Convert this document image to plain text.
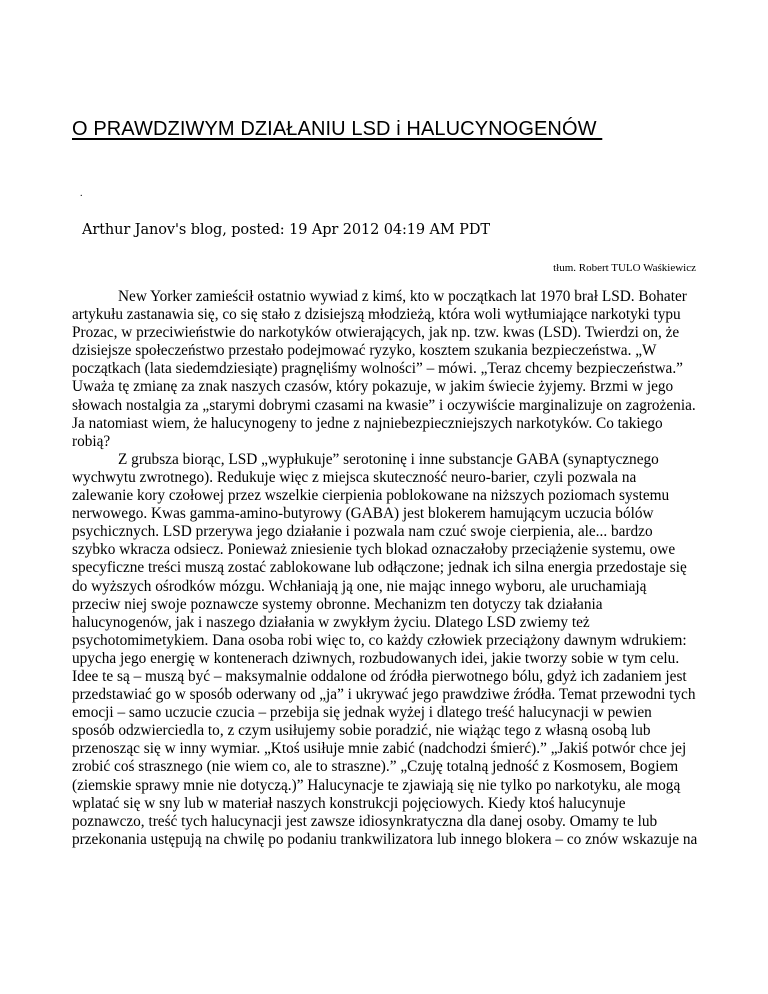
O PRAWDZIWYM DZIAŁANIU LSD i HALUCYNOGENÓW
.
Arthur Janov's blog, posted: 19 Apr 2012 04:19 AM PDT
tłum. Robert TULO Waśkiewicz

New Yorker zamieścił ostatnio wywiad z kimś, kto w początkach lat 1970 brał LSD. Bohater artykułu zastanawia się, co się stało z dzisiejszą młodzieżą, która woli wytłumiające narkotyki typu Prozac, w przeciwieństwie do narkotyków otwierających, jak np. tzw. kwas (LSD). Twierdzi on, że dzisiejsze społeczeństwo przestało podejmować ryzyko, kosztem szukania bezpieczeństwa. „W początkach (lata siedemdziesiąte) pragnęliśmy wolności” – mówi. „Teraz chcemy bezpieczeństwa.” Uważa tę zmianę za znak naszych czasów, który pokazuje, w jakim świecie żyjemy. Brzmi w jego słowach nostalgia za „starymi dobrymi czasami na kwasie” i oczywiście marginalizuje on zagrożenia. Ja natomiast wiem, że halucynogeny to jedne z najniebezpieczniejszych narkotyków. Co takiego robią?

Z grubsza biorąc, LSD „wypłukuje” serotoninę i inne substancje GABA (synaptycznego wychwytu zwrotnego). Redukuje więc z miejsca skuteczność neuro-barier, czyli pozwala na zalewanie kory czołowej przez wszelkie cierpienia poblokowane na niższych poziomach systemu nerwowego. Kwas gamma-amino-butyrowy (GABA) jest blokerem hamującym uczucia bólów psychicznych. LSD przerywa jego działanie i pozwala nam czuć swoje cierpienia, ale... bardzo szybko wkracza odsiecz. Ponieważ zniesienie tych blokad oznaczałoby przeciążenie systemu, owe specyficzne treści muszą zostać zablokowane lub odłączone; jednak ich silna energia przedostaje się do wyższych ośrodków mózgu. Wchłaniają ją one, nie mając innego wyboru, ale uruchamiają przeciw niej swoje poznawcze systemy obronne. Mechanizm ten dotyczy tak działania halucynogenów, jak i naszego działania w zwykłym życiu. Dlatego LSD zwiemy też psychotomimetykiem. Dana osoba robi więc to, co każdy człowiek przeciążony dawnym wdrukiem: upycha jego energię w kontenerach dziwnych, rozbudowanych idei, jakie tworzy sobie w tym celu. Idee te są – muszą być – maksymalnie oddalone od źródła pierwotnego bólu, gdyż ich zadaniem jest przedstawiać go w sposób oderwany od „ja” i ukrywać jego prawdziwe źródła. Temat przewodni tych emocji – samo uczucie czucia – przebija się jednak wyżej i dlatego treść halucynacji w pewien sposób odzwierciedla to, z czym usiłujemy sobie poradzić, nie wiążąc tego z własną osobą lub przenosząc się w inny wymiar. „Ktoś usiłuje mnie zabić (nadchodzi śmierć).” „Jakiś potwór chce jej zrobić coś strasznego (nie wiem co, ale to straszne).” „Czuję totalną jedność z Kosmosem, Bogiem (ziemskie sprawy mnie nie dotyczą.)” Halucynacje te zjawiają się nie tylko po narkotyku, ale mogą wplatać się w sny lub w materiał naszych konstrukcji pojęciowych. Kiedy ktoś halucynuje poznawczo, treść tych halucynacji jest zawsze idiosynkratyczna dla danej osoby. Omamy te lub przekonania ustępują na chwilę po podaniu trankwilizatora lub innego blokera – co znów wskazuje na
